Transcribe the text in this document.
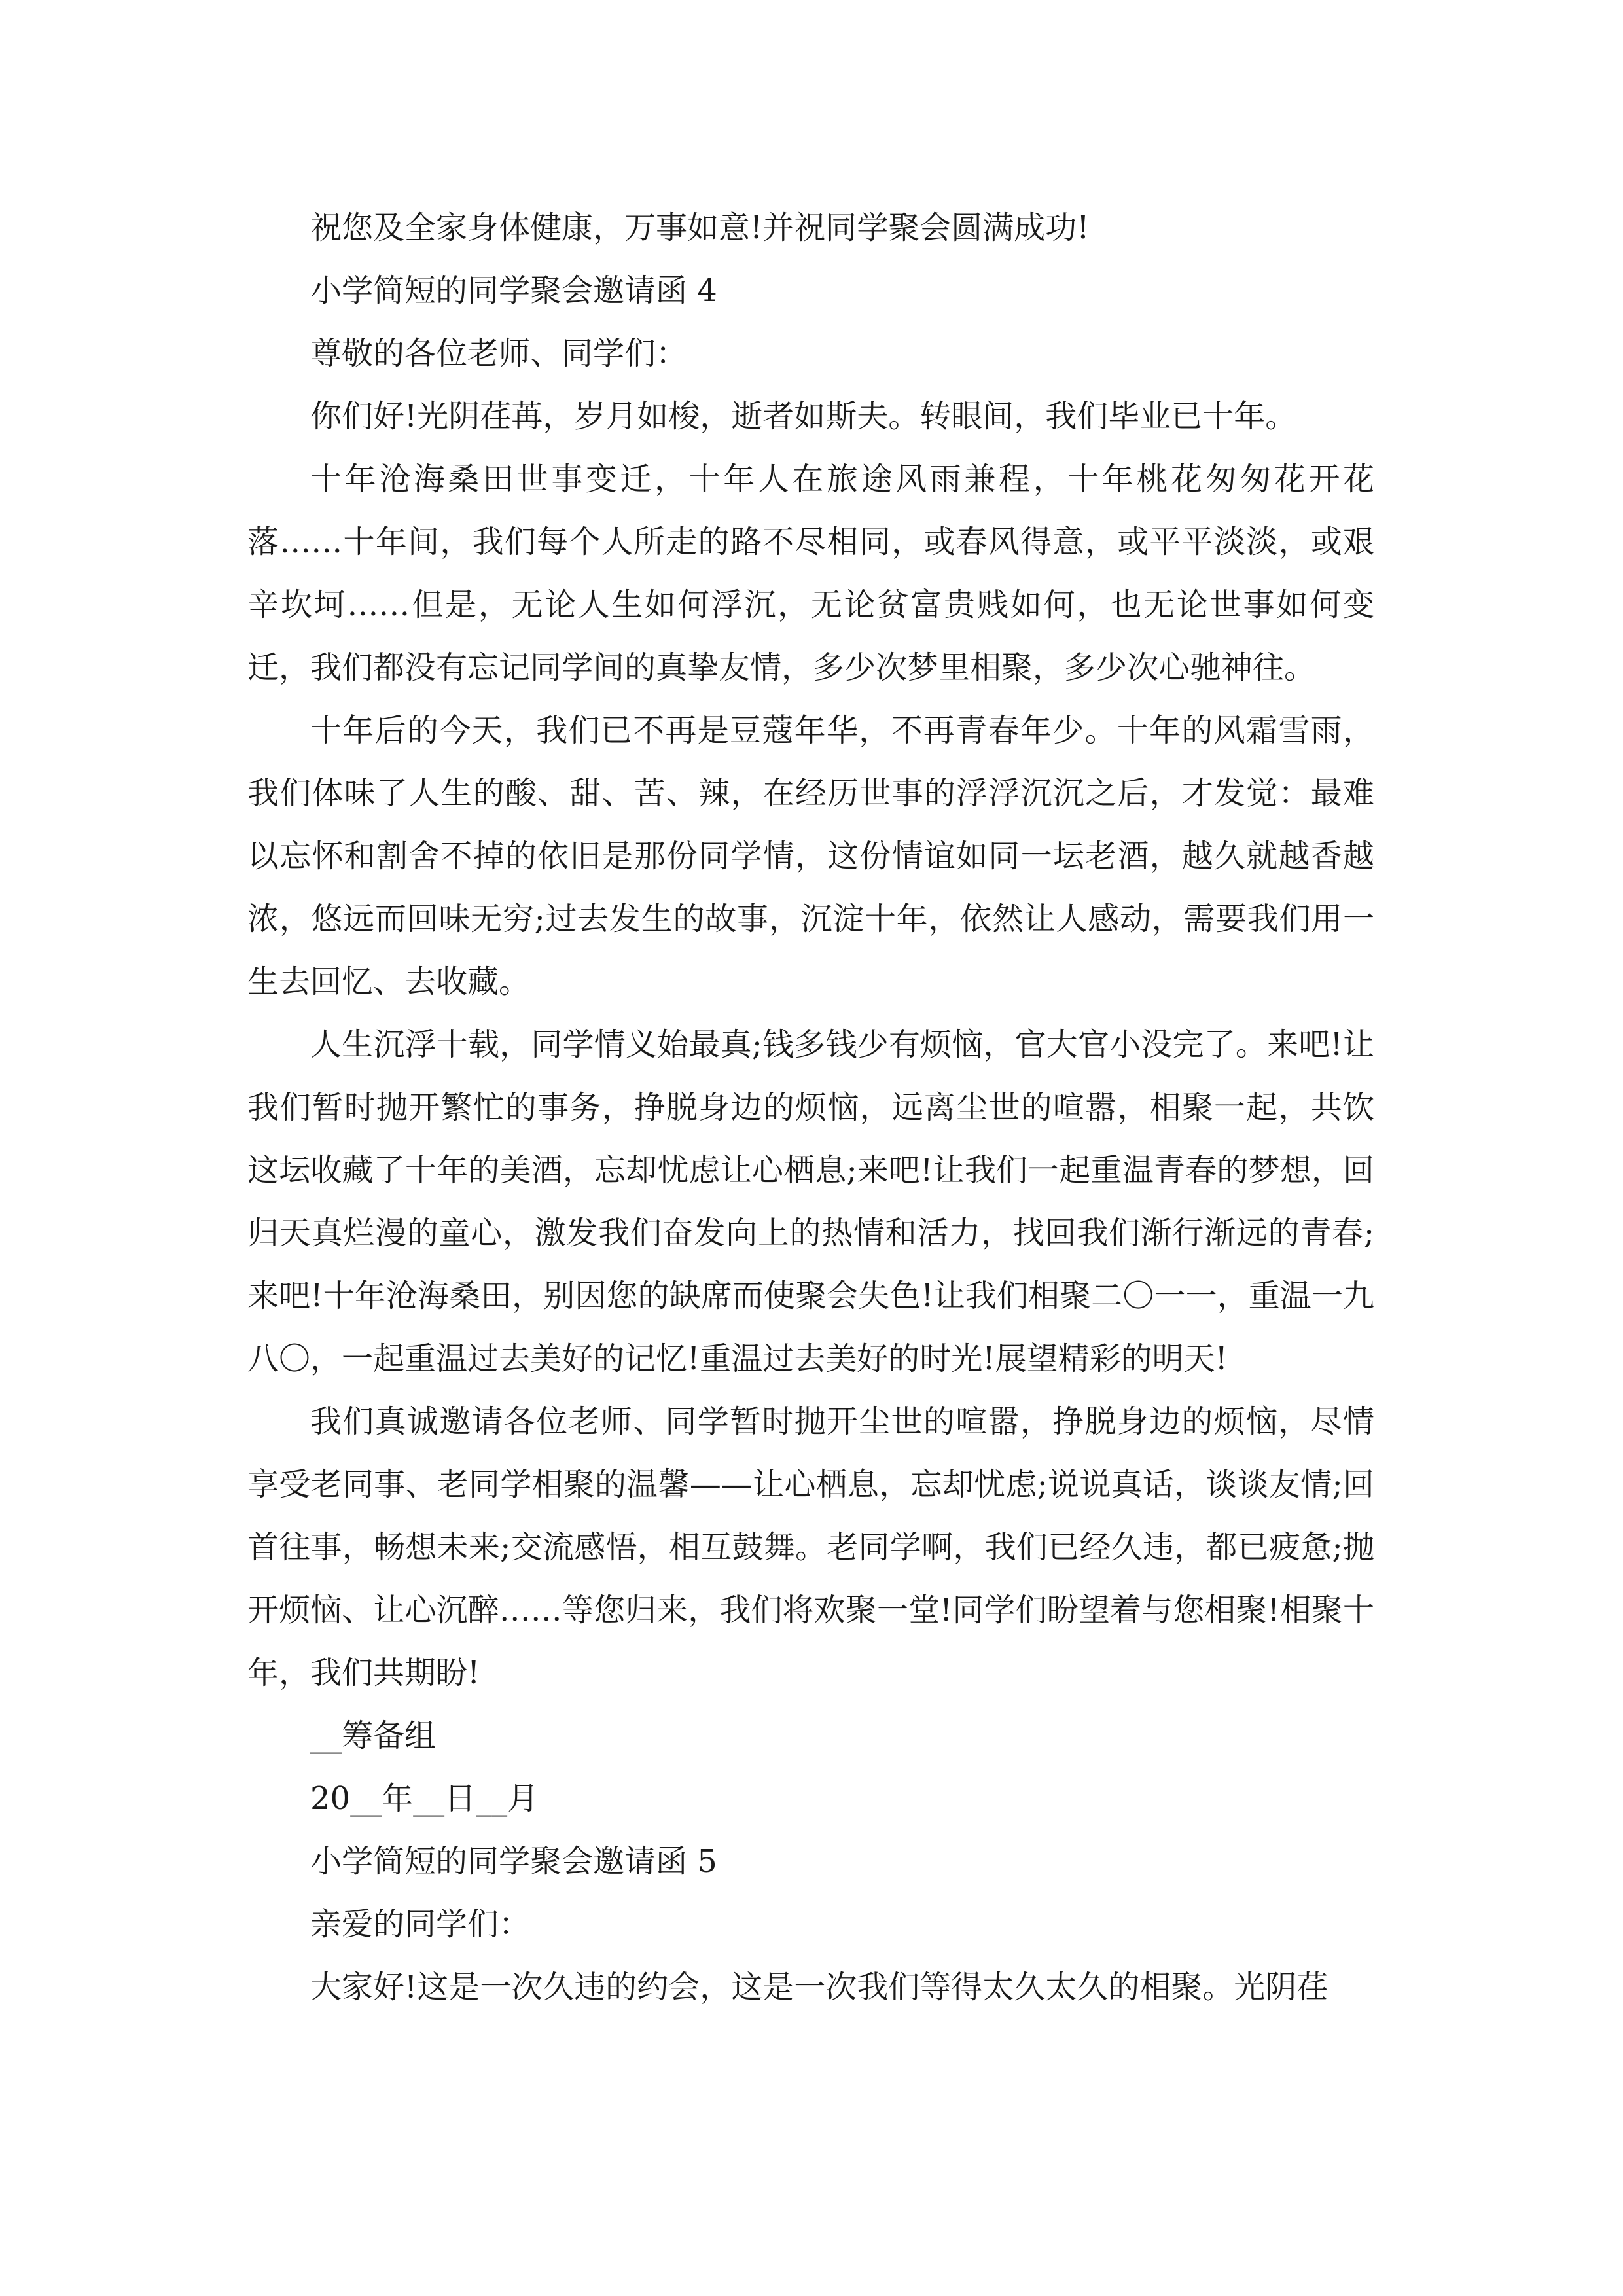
祝您及全家身体健康，万事如意!并祝同学聚会圆满成功!

小学简短的同学聚会邀请函 4

尊敬的各位老师、同学们：

你们好!光阴荏苒，岁月如梭，逝者如斯夫。转眼间，我们毕业已十年。

十年沧海桑田世事变迁，十年人在旅途风雨兼程，十年桃花匆匆花开花落……十年间，我们每个人所走的路不尽相同，或春风得意，或平平淡淡，或艰辛坎坷……但是，无论人生如何浮沉，无论贫富贵贱如何，也无论世事如何变迁，我们都没有忘记同学间的真挚友情，多少次梦里相聚，多少次心驰神往。

十年后的今天，我们已不再是豆蔻年华，不再青春年少。十年的风霜雪雨，我们体味了人生的酸、甜、苦、辣，在经历世事的浮浮沉沉之后，才发觉：最难以忘怀和割舍不掉的依旧是那份同学情，这份情谊如同一坛老酒，越久就越香越浓，悠远而回味无穷;过去发生的故事，沉淀十年，依然让人感动，需要我们用一生去回忆、去收藏。

人生沉浮十载，同学情义始最真;钱多钱少有烦恼，官大官小没完了。来吧!让我们暂时抛开繁忙的事务，挣脱身边的烦恼，远离尘世的喧嚣，相聚一起，共饮这坛收藏了十年的美酒，忘却忧虑让心栖息;来吧!让我们一起重温青春的梦想，回归天真烂漫的童心，激发我们奋发向上的热情和活力，找回我们渐行渐远的青春;来吧!十年沧海桑田，别因您的缺席而使聚会失色!让我们相聚二〇一一，重温一九八〇，一起重温过去美好的记忆!重温过去美好的时光!展望精彩的明天!

我们真诚邀请各位老师、同学暂时抛开尘世的喧嚣，挣脱身边的烦恼，尽情享受老同事、老同学相聚的温馨——让心栖息，忘却忧虑;说说真话，谈谈友情;回首往事，畅想未来;交流感悟，相互鼓舞。老同学啊，我们已经久违，都已疲惫;抛开烦恼、让心沉醉……等您归来，我们将欢聚一堂!同学们盼望着与您相聚!相聚十年，我们共期盼!

__筹备组

20__年__日__月

小学简短的同学聚会邀请函 5

亲爱的同学们：

大家好!这是一次久违的约会，这是一次我们等得太久太久的相聚。光阴荏
